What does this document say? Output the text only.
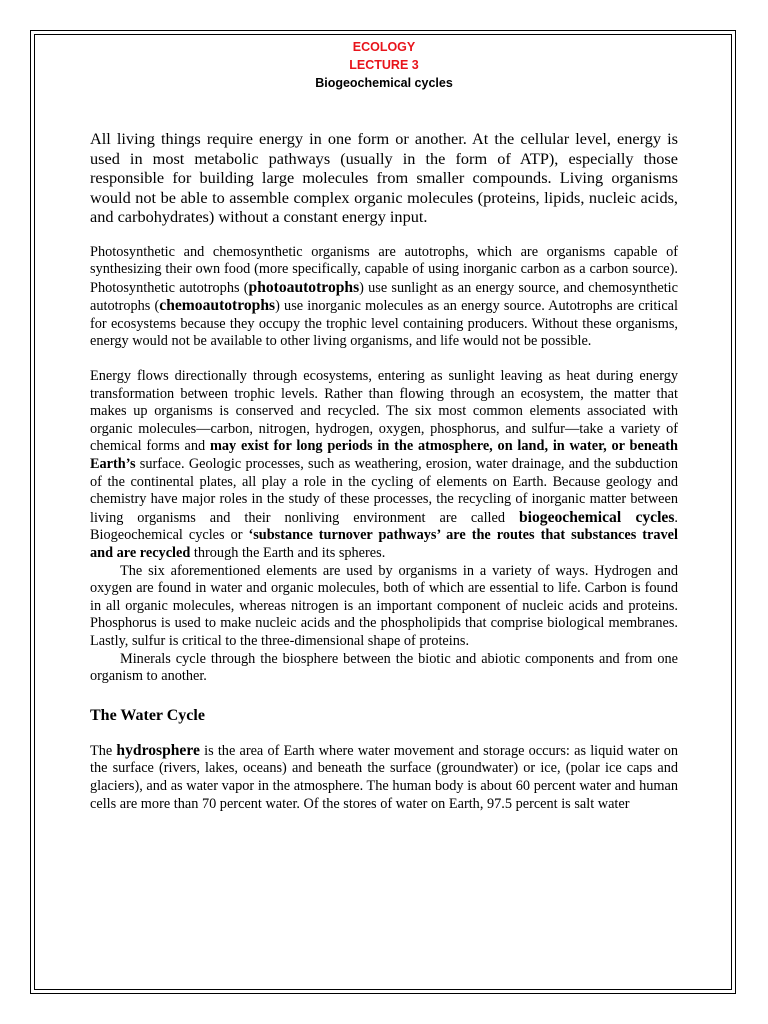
ECOLOGY
LECTURE 3
Biogeochemical cycles

All living things require energy in one form or another. At the cellular level, energy is used in most metabolic pathways (usually in the form of ATP), especially those responsible for building large molecules from smaller compounds. Living organisms would not be able to assemble complex organic molecules (proteins, lipids, nucleic acids, and carbohydrates) without a constant energy input.

Photosynthetic and chemosynthetic organisms are autotrophs, which are organisms capable of synthesizing their own food (more specifically, capable of using inorganic carbon as a carbon source). Photosynthetic autotrophs (photoautotrophs) use sunlight as an energy source, and chemosynthetic autotrophs (chemoautotrophs) use inorganic molecules as an energy source. Autotrophs are critical for ecosystems because they occupy the trophic level containing producers. Without these organisms, energy would not be available to other living organisms, and life would not be possible.

Energy flows directionally through ecosystems, entering as sunlight leaving as heat during energy transformation between trophic levels. Rather than flowing through an ecosystem, the matter that makes up organisms is conserved and recycled. The six most common elements associated with organic molecules—carbon, nitrogen, hydrogen, oxygen, phosphorus, and sulfur—take a variety of chemical forms and may exist for long periods in the atmosphere, on land, in water, or beneath Earth’s surface. Geologic processes, such as weathering, erosion, water drainage, and the subduction of the continental plates, all play a role in the cycling of elements on Earth. Because geology and chemistry have major roles in the study of these processes, the recycling of inorganic matter between living organisms and their nonliving environment are called biogeochemical cycles. Biogeochemical cycles or ‘substance turnover pathways’ are the routes that substances travel and are recycled through the Earth and its spheres.

The six aforementioned elements are used by organisms in a variety of ways. Hydrogen and oxygen are found in water and organic molecules, both of which are essential to life. Carbon is found in all organic molecules, whereas nitrogen is an important component of nucleic acids and proteins. Phosphorus is used to make nucleic acids and the phospholipids that comprise biological membranes. Lastly, sulfur is critical to the three-dimensional shape of proteins.

Minerals cycle through the biosphere between the biotic and abiotic components and from one organism to another.

The Water Cycle

The hydrosphere is the area of Earth where water movement and storage occurs: as liquid water on the surface (rivers, lakes, oceans) and beneath the surface (groundwater) or ice, (polar ice caps and glaciers), and as water vapor in the atmosphere. The human body is about 60 percent water and human cells are more than 70 percent water. Of the stores of water on Earth, 97.5 percent is salt water
